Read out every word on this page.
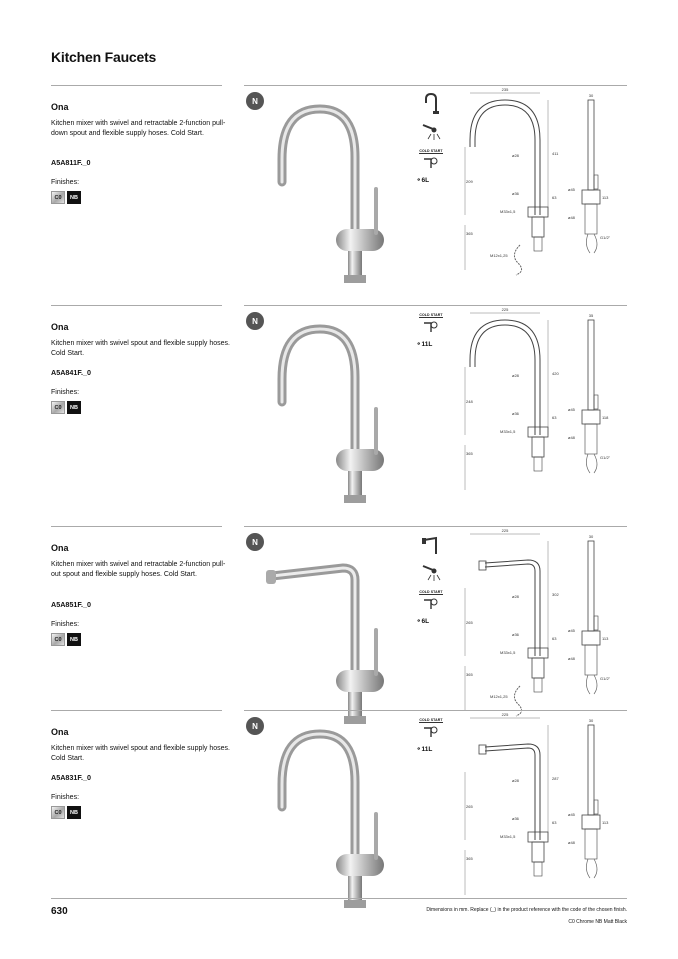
Kitchen Faucets
Ona
Kitchen mixer with swivel and retractable 2-function pull-down spout and flexible supply hoses. Cold Start.
A5A811F._0
Finishes:
C0	NB
N
COLD START
⚬6L
235
411
ø28
209
ø36
63
M33x1,5
365
M12x1,25
30
ø45
113
ø48
G1/2"
Ona
Kitchen mixer with swivel spout and flexible supply hoses. Cold Start.
A5A841F._0
Finishes:
C0	NB
N
COLD START
⚬11L
225
420
ø28
248
ø36
63
M33x1,5
365
35
ø45
118
ø48
G1/2"
Ona
Kitchen mixer with swivel and retractable 2-function pull-out spout and flexible supply hoses. Cold Start.
A5A851F._0
Finishes:
C0	NB
N
COLD START
⚬6L
225
302
ø28
265
ø36
63
M33x1,5
365
M12x1,25
30
ø45
113
ø48
G1/2"
Ona
Kitchen mixer with swivel spout and flexible supply hoses. Cold Start.
A5A831F._0
Finishes:
C0	NB
N
COLD START
⚬11L
225
287
ø28
265
ø36
63
M33x1,5
365
30
ø45
113
ø48
630	Dimensions in mm. Replace (_) in the product reference with the code of the chosen finish.
C0 Chrome NB Matt Black
